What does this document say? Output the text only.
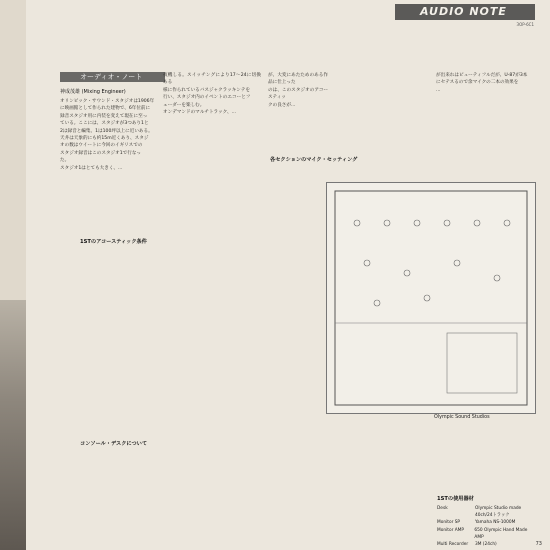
AUDIO NOTE
ЗОР-6С1
オーディオ・ノート
神成茂雄 (Mixing Engineer)
オリンピック・サウンド・スタジオは1906年
に映画館として作られた建物で、6年位前に
録音スタジオ用に内装を変えて現在に至っ
ている。ここには、スタジオが3つあり1と
2は録音と編集、1は100坪以上に近いある。
天井は天象的にも約15m近くあり、スタジ
オの数はウイートに今回のイギリスでの
スタジオ録音はこのスタジオ1で行なっ
た。
スタジオ1はとても大きく、...
1STのアコースティック条件
コンソール・デスクについて
夜機しる。スイッチングにより17〜24に切換ある
様に作られているバスジャクラッキンテを
行い、スタジオ内のイベントのエコーとフ
ェーダーを楽しむ。
オンデマンドのマルチトラック、...
が、大変にあたためのある作品に仕上った
のは、このスタジオのアコースティッ
クの良さが...
各セクションのマイク・セッティング
が出来れはピューティフルだが、U-87が3本
にセテスるので余マイクの二本の効果を
...
Olympic Sound Studios
1STの使用器材
Desk	Olympic Studio made
40ch/24トラック
Monitor SP	Yamaha NS-1000M
Monitor AMP	650 Olympic Hand Made AMP
Multi Recorder	3M (24ch)	73
